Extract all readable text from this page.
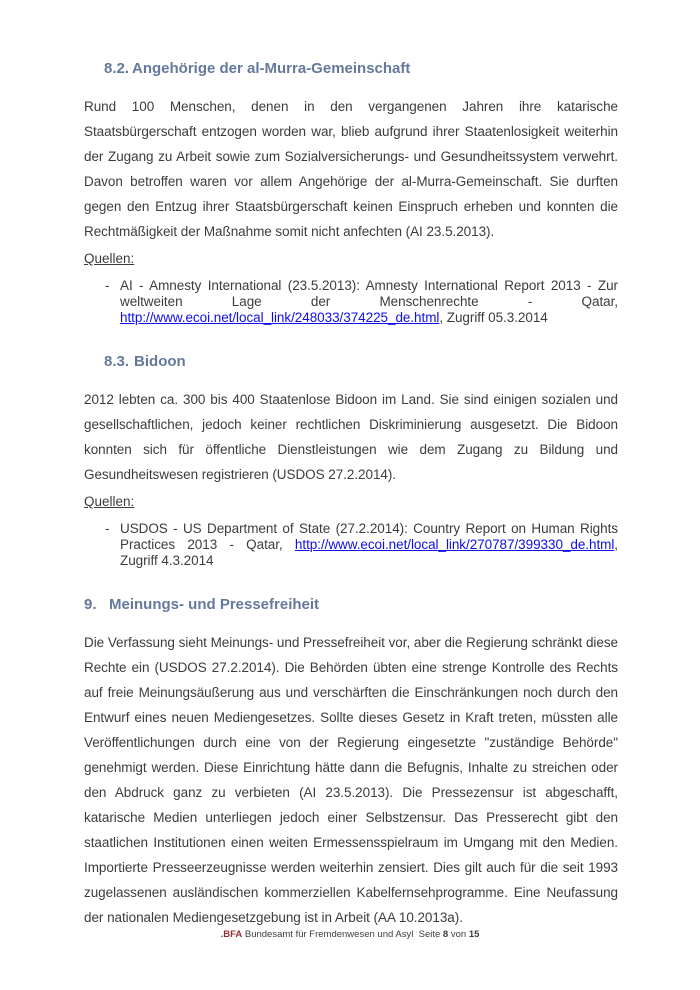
8.2. Angehörige der al-Murra-Gemeinschaft

Rund 100 Menschen, denen in den vergangenen Jahren ihre katarische Staatsbürgerschaft entzogen worden war, blieb aufgrund ihrer Staatenlosigkeit weiterhin der Zugang zu Arbeit sowie zum Sozialversicherungs- und Gesundheitssystem verwehrt. Davon betroffen waren vor allem Angehörige der al-Murra-Gemeinschaft. Sie durften gegen den Entzug ihrer Staatsbürgerschaft keinen Einspruch erheben und konnten die Rechtmäßigkeit der Maßnahme somit nicht anfechten (AI 23.5.2013).

Quellen:
- AI - Amnesty International (23.5.2013): Amnesty International Report 2013 - Zur weltweiten Lage der Menschenrechte - Qatar, http://www.ecoi.net/local_link/248033/374225_de.html, Zugriff 05.3.2014
8.3. Bidoon

2012 lebten ca. 300 bis 400 Staatenlose Bidoon im Land. Sie sind einigen sozialen und gesellschaftlichen, jedoch keiner rechtlichen Diskriminierung ausgesetzt. Die Bidoon konnten sich für öffentliche Dienstleistungen wie dem Zugang zu Bildung und Gesundheitswesen registrieren (USDOS 27.2.2014).

Quellen:
- USDOS - US Department of State (27.2.2014): Country Report on Human Rights Practices 2013 - Qatar, http://www.ecoi.net/local_link/270787/399330_de.html, Zugriff 4.3.2014
9. Meinungs- und Pressefreiheit

Die Verfassung sieht Meinungs- und Pressefreiheit vor, aber die Regierung schränkt diese Rechte ein (USDOS 27.2.2014). Die Behörden übten eine strenge Kontrolle des Rechts auf freie Meinungsäußerung aus und verschärften die Einschränkungen noch durch den Entwurf eines neuen Mediengesetzes. Sollte dieses Gesetz in Kraft treten, müssten alle Veröffentlichungen durch eine von der Regierung eingesetzte "zuständige Behörde" genehmigt werden. Diese Einrichtung hätte dann die Befugnis, Inhalte zu streichen oder den Abdruck ganz zu verbieten (AI 23.5.2013). Die Pressezensur ist abgeschafft, katarische Medien unterliegen jedoch einer Selbstzensur. Das Presserecht gibt den staatlichen Institutionen einen weiten Ermessensspielraum im Umgang mit den Medien. Importierte Presseerzeugnisse werden weiterhin zensiert. Dies gilt auch für die seit 1993 zugelassenen ausländischen kommerziellen Kabelfernsehprogramme. Eine Neufassung der nationalen Mediengesetzgebung ist in Arbeit (AA 10.2013a).

.BFA Bundesamt für Fremdenwesen und Asyl  Seite 8 von 15
